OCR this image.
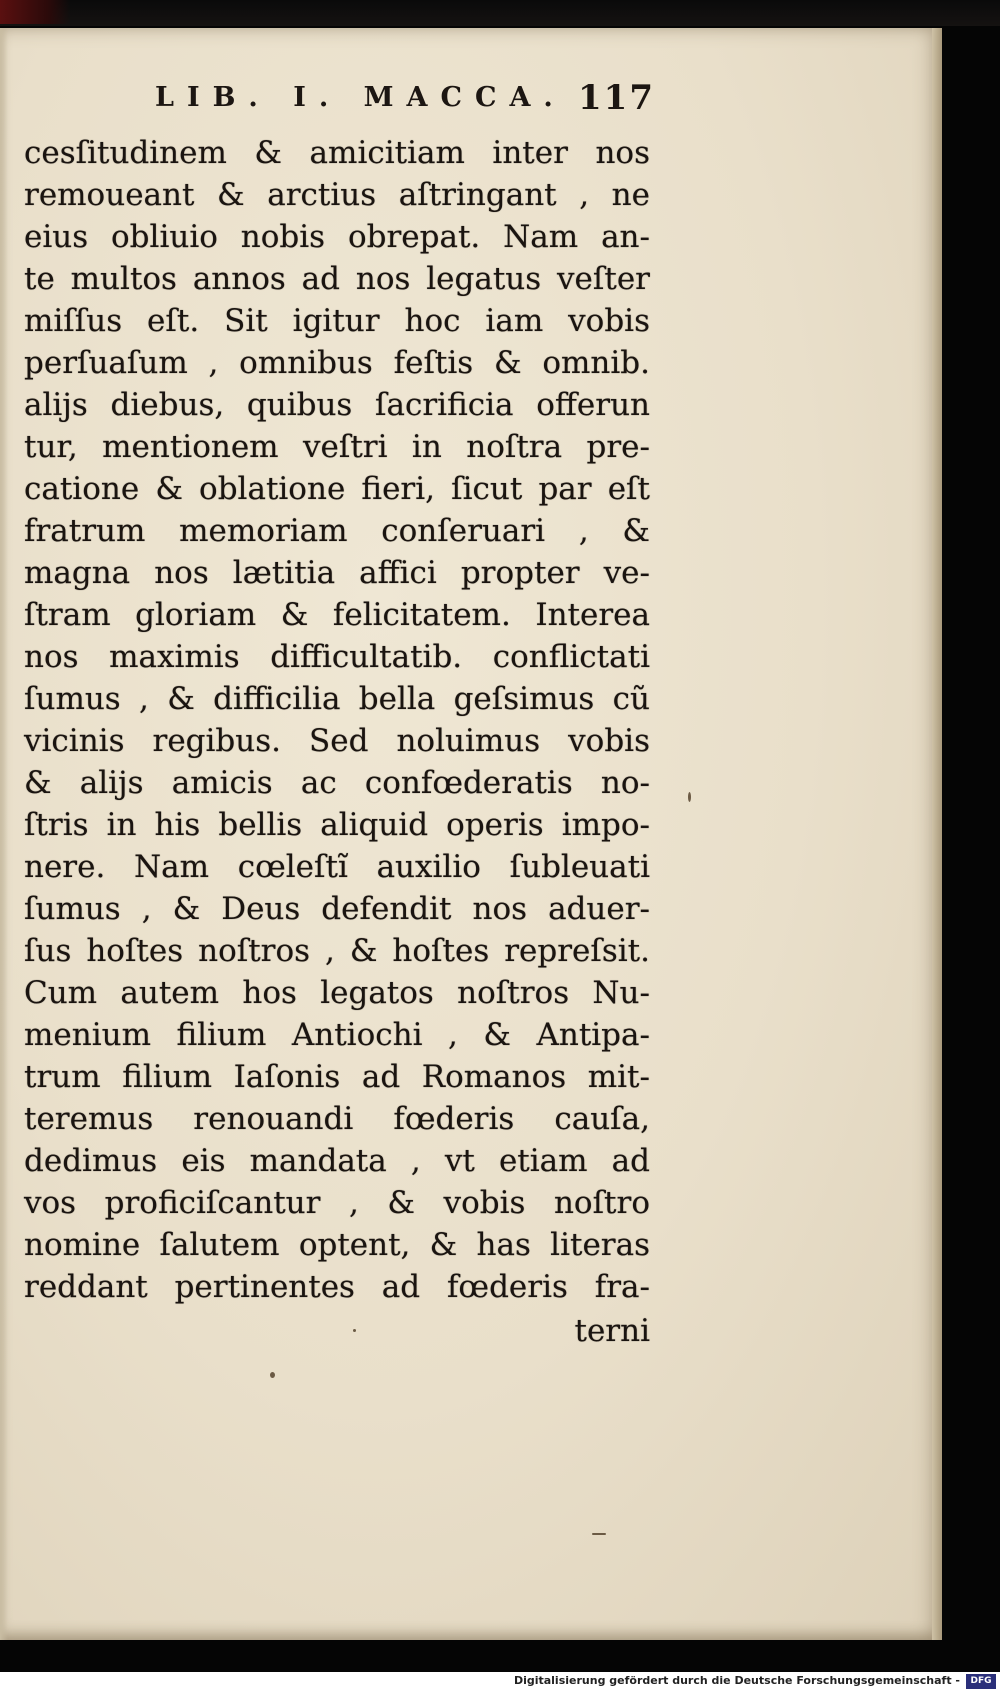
LIB. I. MACCA. 117
cesſitudinem & amicitiam inter nos
remoueant & arctius aſtringant , ne
eius obliuio nobis obrepat. Nam an-
te multos annos ad nos legatus veſter
miſſus eſt. Sit igitur hoc iam vobis
perſuaſum , omnibus feſtis & omnib.
alijs diebus, quibus ſacrificia offerun
tur, mentionem veſtri in noſtra pre-
catione & oblatione fieri, ſicut par eſt
fratrum memoriam conſeruari , &
magna nos lætitia affici propter ve-
ſtram gloriam & felicitatem. Interea
nos maximis difficultatib. conflictati
ſumus , & difficilia bella geſsimus cũ
vicinis regibus. Sed noluimus vobis
& alijs amicis ac confœderatis no-
ſtris in his bellis aliquid operis impo-
nere. Nam cœleſtĩ auxilio ſubleuati
ſumus , & Deus defendit nos aduer-
ſus hoſtes noſtros , & hoſtes repreſsit.
Cum autem hos legatos noſtros Nu-
menium filium Antiochi , & Antipa-
trum filium Iaſonis ad Romanos mit-
teremus renouandi fœderis cauſa,
dedimus eis mandata , vt etiam ad
vos proficiſcantur , & vobis noſtro
nomine ſalutem optent, & has literas
reddant pertinentes ad fœderis fra-
terni
Digitalisierung gefördert durch die Deutsche Forschungsgemeinschaft -	DFG
